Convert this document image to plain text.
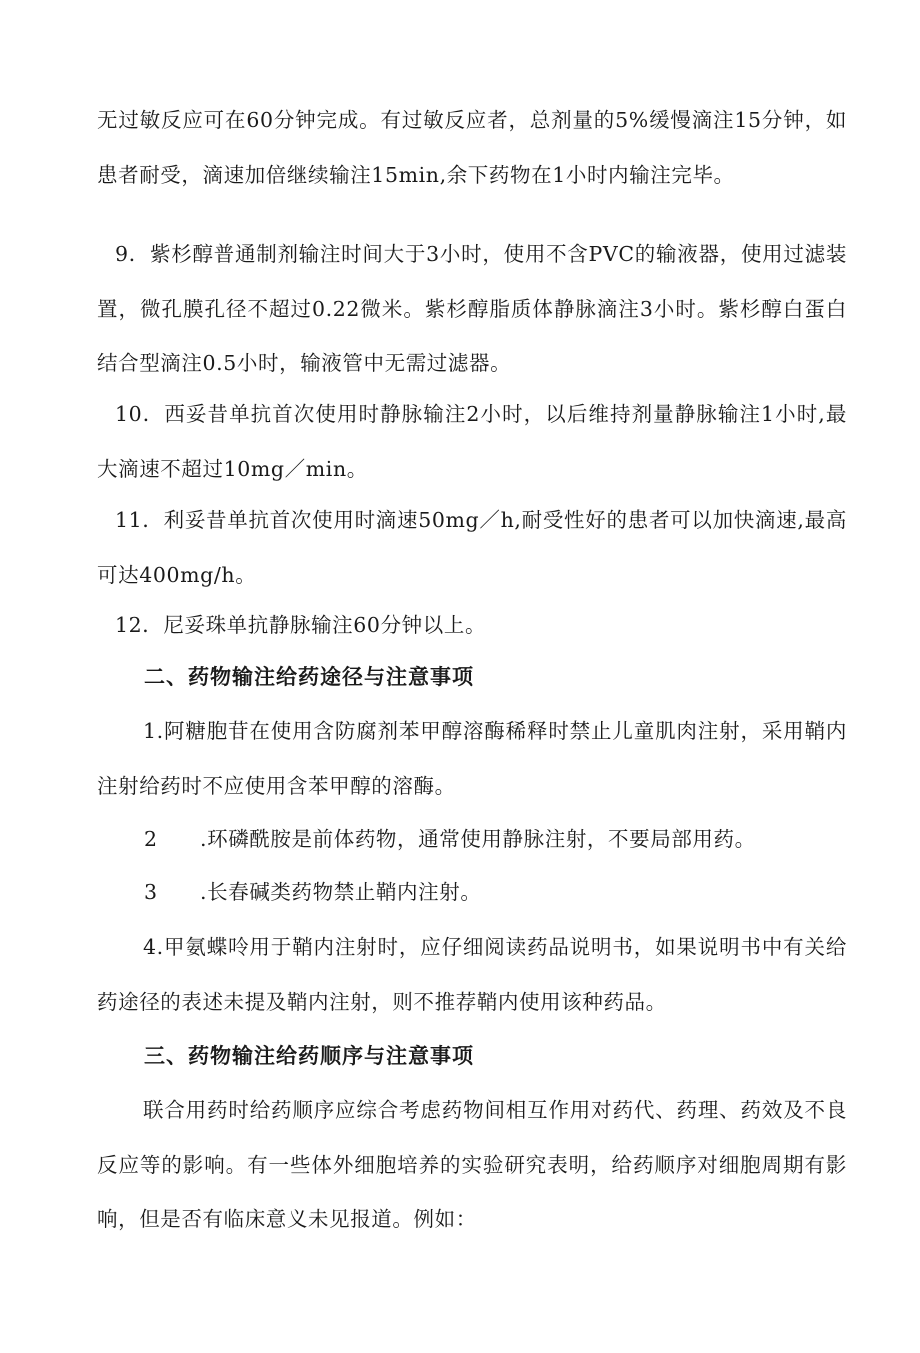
无过敏反应可在60分钟完成。有过敏反应者，总剂量的5%缓慢滴注15分钟，如患者耐受，滴速加倍继续输注15min,余下药物在1小时内输注完毕。

9．紫杉醇普通制剂输注时间大于3小时，使用不含PVC的输液器，使用过滤装置，微孔膜孔径不超过0.22微米。紫杉醇脂质体静脉滴注3小时。紫杉醇白蛋白结合型滴注0.5小时，输液管中无需过滤器。

10．西妥昔单抗首次使用时静脉输注2小时，以后维持剂量静脉输注1小时,最大滴速不超过10mg／min。

11．利妥昔单抗首次使用时滴速50mg／h,耐受性好的患者可以加快滴速,最高可达400mg/h。

12．尼妥珠单抗静脉输注60分钟以上。

二、药物输注给药途径与注意事项

1.阿糖胞苷在使用含防腐剂苯甲醇溶酶稀释时禁止儿童肌肉注射，采用鞘内注射给药时不应使用含苯甲醇的溶酶。

2 .环磷酰胺是前体药物，通常使用静脉注射，不要局部用药。

3 .长春碱类药物禁止鞘内注射。

4.甲氨蝶呤用于鞘内注射时，应仔细阅读药品说明书，如果说明书中有关给药途径的表述未提及鞘内注射，则不推荐鞘内使用该种药品。

三、药物输注给药顺序与注意事项

联合用药时给药顺序应综合考虑药物间相互作用对药代、药理、药效及不良反应等的影响。有一些体外细胞培养的实验研究表明，给药顺序对细胞周期有影响，但是否有临床意义未见报道。例如：
